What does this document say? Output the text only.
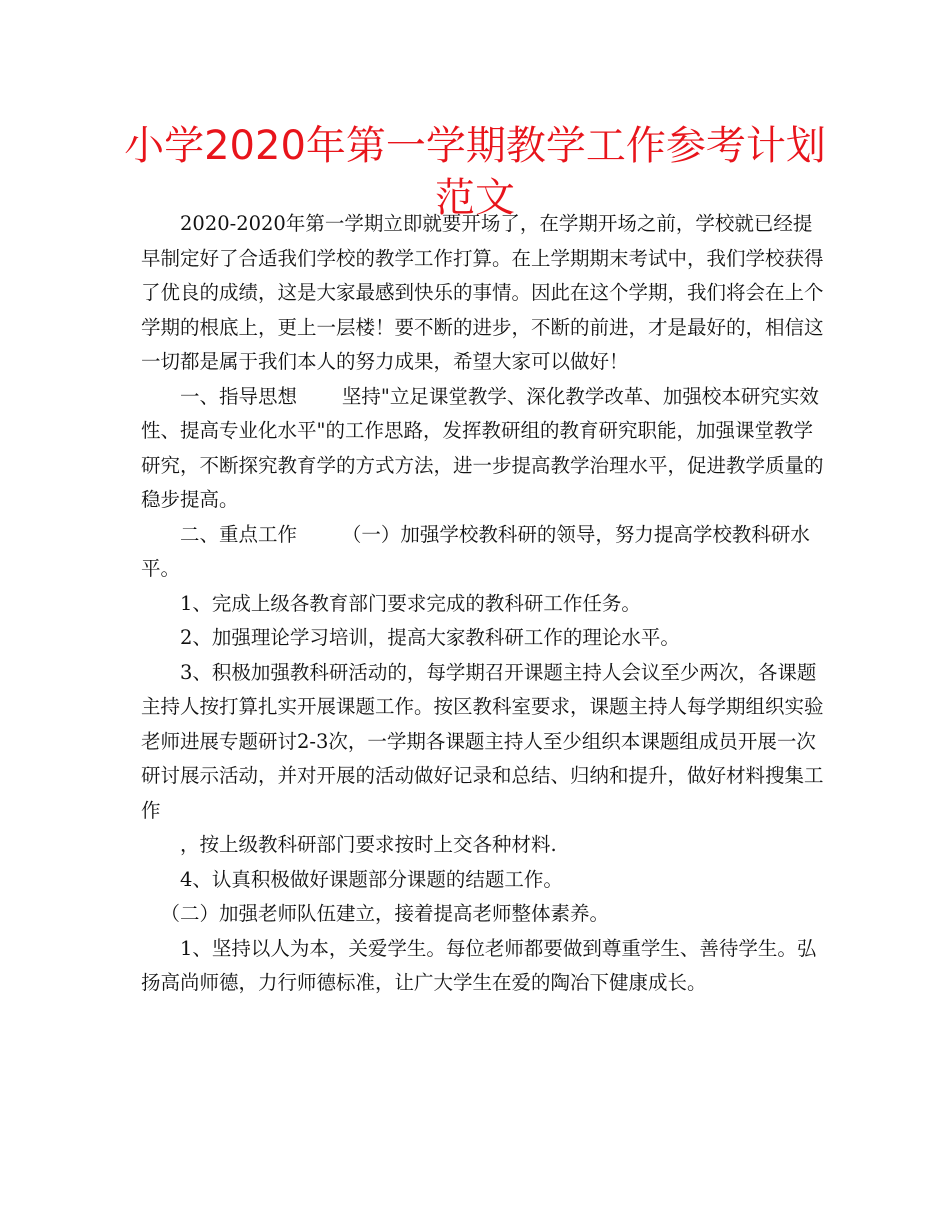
小学2020年第一学期教学工作参考计划范文

2020-2020年第一学期立即就要开场了，在学期开场之前，学校就已经提早制定好了合适我们学校的教学工作打算。在上学期期末考试中，我们学校获得了优良的成绩，这是大家最感到快乐的事情。因此在这个学期，我们将会在上个学期的根底上，更上一层楼！要不断的进步，不断的前进，才是最好的，相信这一切都是属于我们本人的努力成果，希望大家可以做好！

一、指导思想 坚持"立足课堂教学、深化教学改革、加强校本研究实效性、提高专业化水平"的工作思路，发挥教研组的教育研究职能，加强课堂教学研究，不断探究教育学的方式方法，进一步提高教学治理水平，促进教学质量的稳步提高。

二、重点工作 （一）加强学校教科研的领导，努力提高学校教科研水平。

1、完成上级各教育部门要求完成的教科研工作任务。

2、加强理论学习培训，提高大家教科研工作的理论水平。

3、积极加强教科研活动的，每学期召开课题主持人会议至少两次，各课题主持人按打算扎实开展课题工作。按区教科室要求，课题主持人每学期组织实验老师进展专题研讨2-3次，一学期各课题主持人至少组织本课题组成员开展一次研讨展示活动，并对开展的活动做好记录和总结、归纳和提升，做好材料搜集工作

，按上级教科研部门要求按时上交各种材料.

4、认真积极做好课题部分课题的结题工作。

（二）加强老师队伍建立，接着提高老师整体素养。

1、坚持以人为本，关爱学生。每位老师都要做到尊重学生、善待学生。弘扬高尚师德，力行师德标准，让广大学生在爱的陶冶下健康成长。
